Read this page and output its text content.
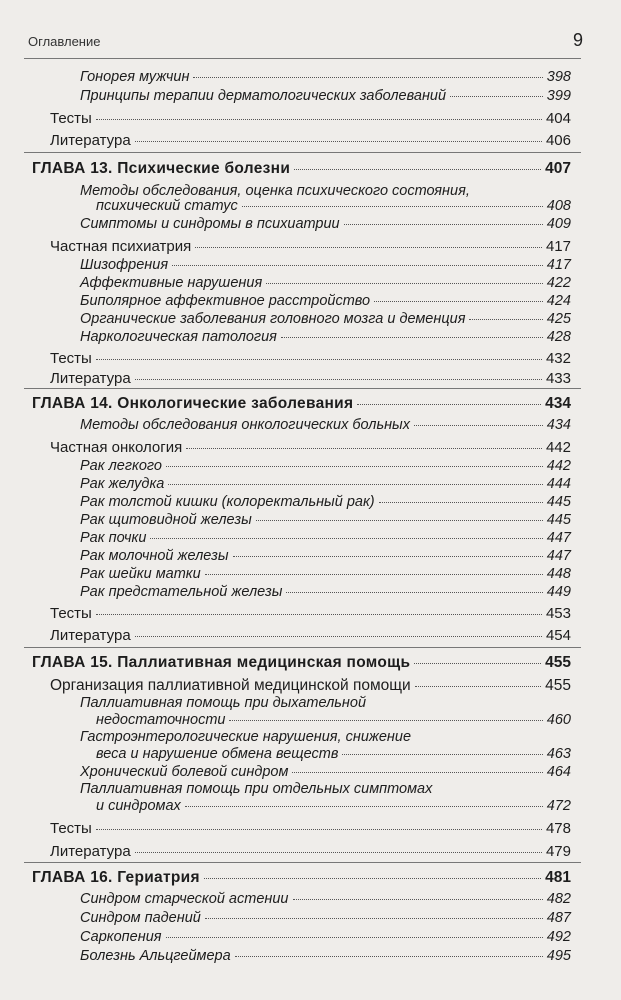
Оглавление	9
Гонорея мужчин	398
Принципы терапии дерматологических заболеваний	399
Тесты	404
Литература	406
ГЛАВА 13. Психические болезни	407
Методы обследования, оценка психического состояния,
психический статус	408
Симптомы и синдромы в психиатрии	409
Частная психиатрия	417
Шизофрения	417
Аффективные нарушения	422
Биполярное аффективное расстройство	424
Органические заболевания головного мозга и деменция	425
Наркологическая патология	428
Тесты	432
Литература	433
ГЛАВА 14. Онкологические заболевания	434
Методы обследования онкологических больных	434
Частная онкология	442
Рак легкого	442
Рак желудка	444
Рак толстой кишки (колоректальный рак)	445
Рак щитовидной железы	445
Рак почки	447
Рак молочной железы	447
Рак шейки матки	448
Рак предстательной железы	449
Тесты	453
Литература	454
ГЛАВА 15. Паллиативная медицинская помощь	455
Организация паллиативной медицинской помощи	455
Паллиативная помощь при дыхательной
недостаточности	460
Гастроэнтерологические нарушения, снижение
веса и нарушение обмена веществ	463
Хронический болевой синдром	464
Паллиативная помощь при отдельных симптомах
и синдромах	472
Тесты	478
Литература	479
ГЛАВА 16. Гериатрия	481
Синдром старческой астении	482
Синдром падений	487
Саркопения	492
Болезнь Альцгеймера	495
